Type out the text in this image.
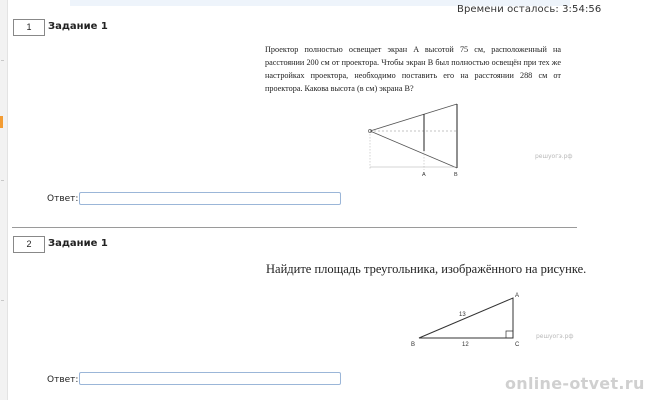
Времени осталось: 3:54:56
1	Задание 1

Проектор полностью освещает экран A высотой 75 см, расположенный на расстоянии 200 см от проектора. Чтобы экран B был полностью освещён при тех же настройках проектора, необходимо поставить его на расстоянии 288 см от проектора. Какова высота (в см) экрана B?

A	B
решуогэ.рф
Ответ:
2	Задание 1
Найдите площадь треугольника, изображённого на рисунке.
A
B	C
13
12
решуогэ.рф
Ответ:	online-otvet.ru
